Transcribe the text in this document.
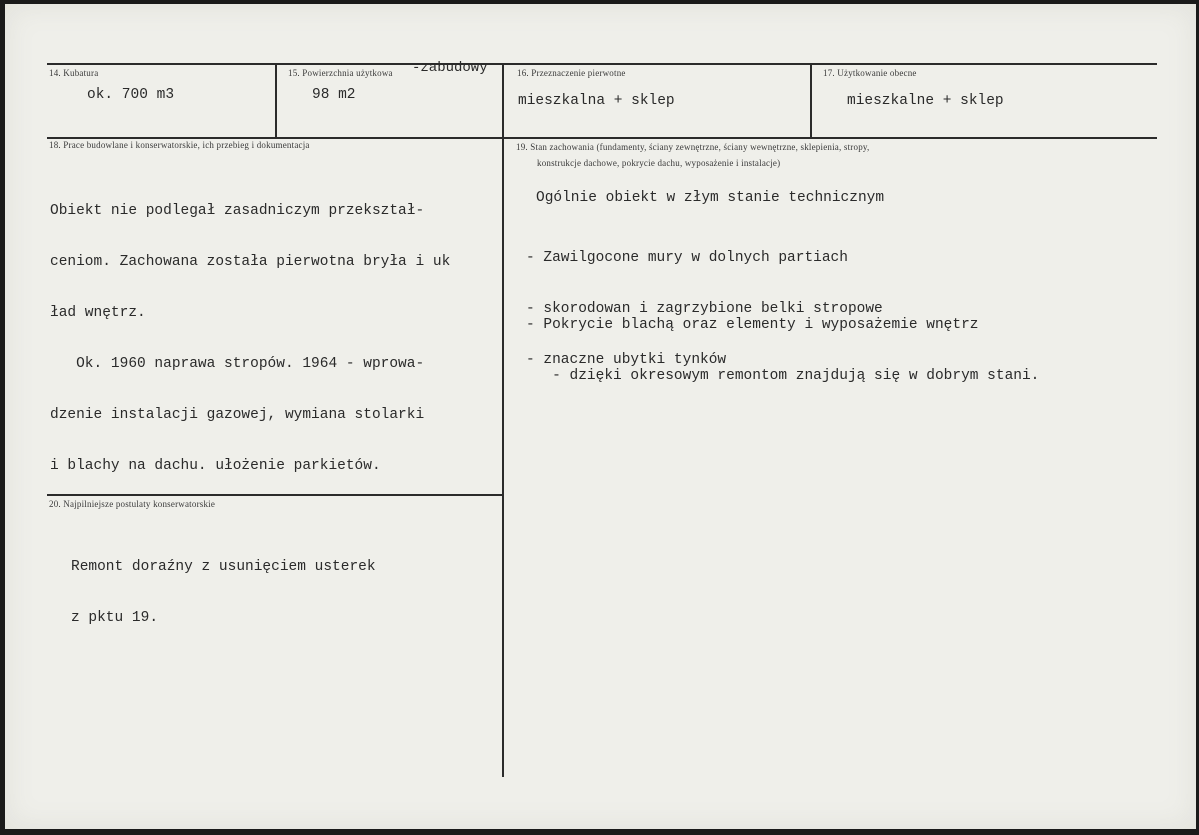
14. Kubatura
ok. 700 m3
15. Powierzchnia użytkowa -zabudowy
98 m2
16. Przeznaczenie pierwotne
mieszkalna + sklep
17. Użytkowanie obecne
mieszkalne + sklep
18. Prace budowlane i konserwatorskie, ich przebieg i dokumentacja

Obiekt nie podlegał zasadniczym przekształ-

ceniom. Zachowana została pierwotna bryła i uk

ład wnętrz.

Ok. 1960 naprawa stropów. 1964 - wprowa-

dzenie instalacji gazowej, wymiana stolarki

i blachy na dachu. ułożenie parkietów.

19. Stan zachowania (fundamenty, ściany zewnętrzne, ściany wewnętrzne, sklepienia, stropy,
konstrukcje dachowe, pokrycie dachu, wyposażenie i instalacje)
Ogólnie obiekt w złym stanie technicznym

- Zawilgocone mury w dolnych partiach

- skorodowan i zagrzybione belki stropowe

- znaczne ubytki tynków

- Pokrycie blachą oraz elementy i wyposażemie wnętrz

- dzięki okresowym remontom znajdują się w dobrym stani.

20. Najpilniejsze postulaty konserwatorskie

Remont doraźny z usunięciem usterek

z pktu 19.
